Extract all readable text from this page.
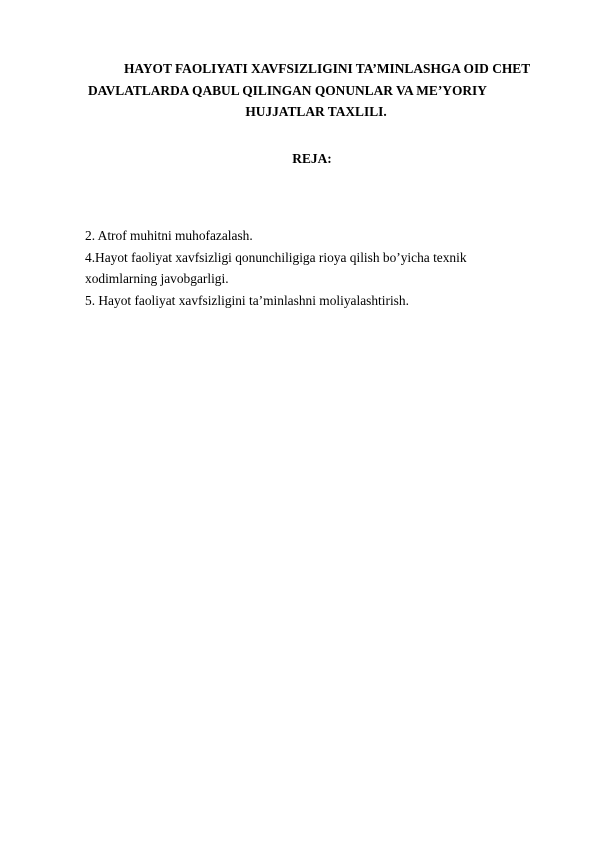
HAYOT FAOLIYATI XAVFSIZLIGINI TA’MINLASHGA OID CHET
DAVLATLARDA QABUL QILINGAN QONUNLAR VA ME’YORIY
HUJJATLAR TAXLILI.
REJA:
2. Atrof muhitni muhofazalash.
4.Hayot faoliyat xavfsizligi qonunchiligiga rioya qilish bo’yicha texnik
xodimlarning javobgarligi.
5. Hayot faoliyat xavfsizligini ta’minlashni moliyalashtirish.
